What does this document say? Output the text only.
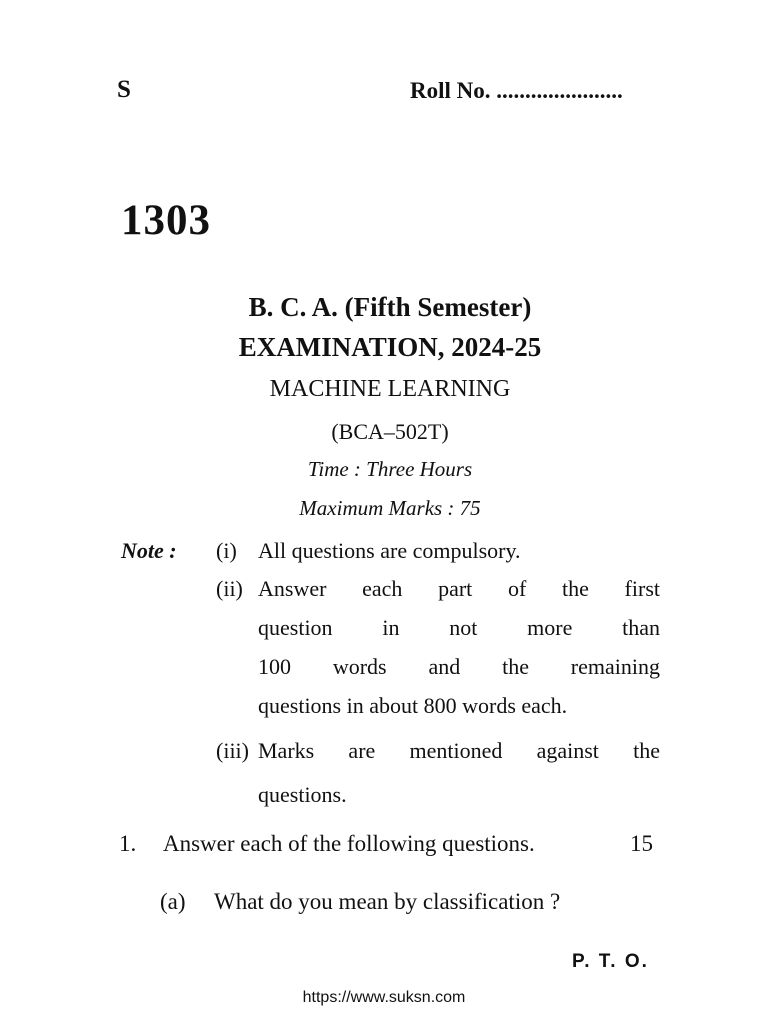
S	Roll No. ......................
1303
B. C. A. (Fifth Semester)
EXAMINATION, 2024-25
MACHINE LEARNING
(BCA–502T)
Time : Three Hours
Maximum Marks : 75
Note : (i) All questions are compulsory.
(ii) Answer each part of the first
question in not more than
100 words and the remaining
questions in about 800 words each.
(iii) Marks are mentioned against the
questions.
1. Answer each of the following questions.	15
(a) What do you mean by classification ?
P. T. O.
https://www.suksn.com
